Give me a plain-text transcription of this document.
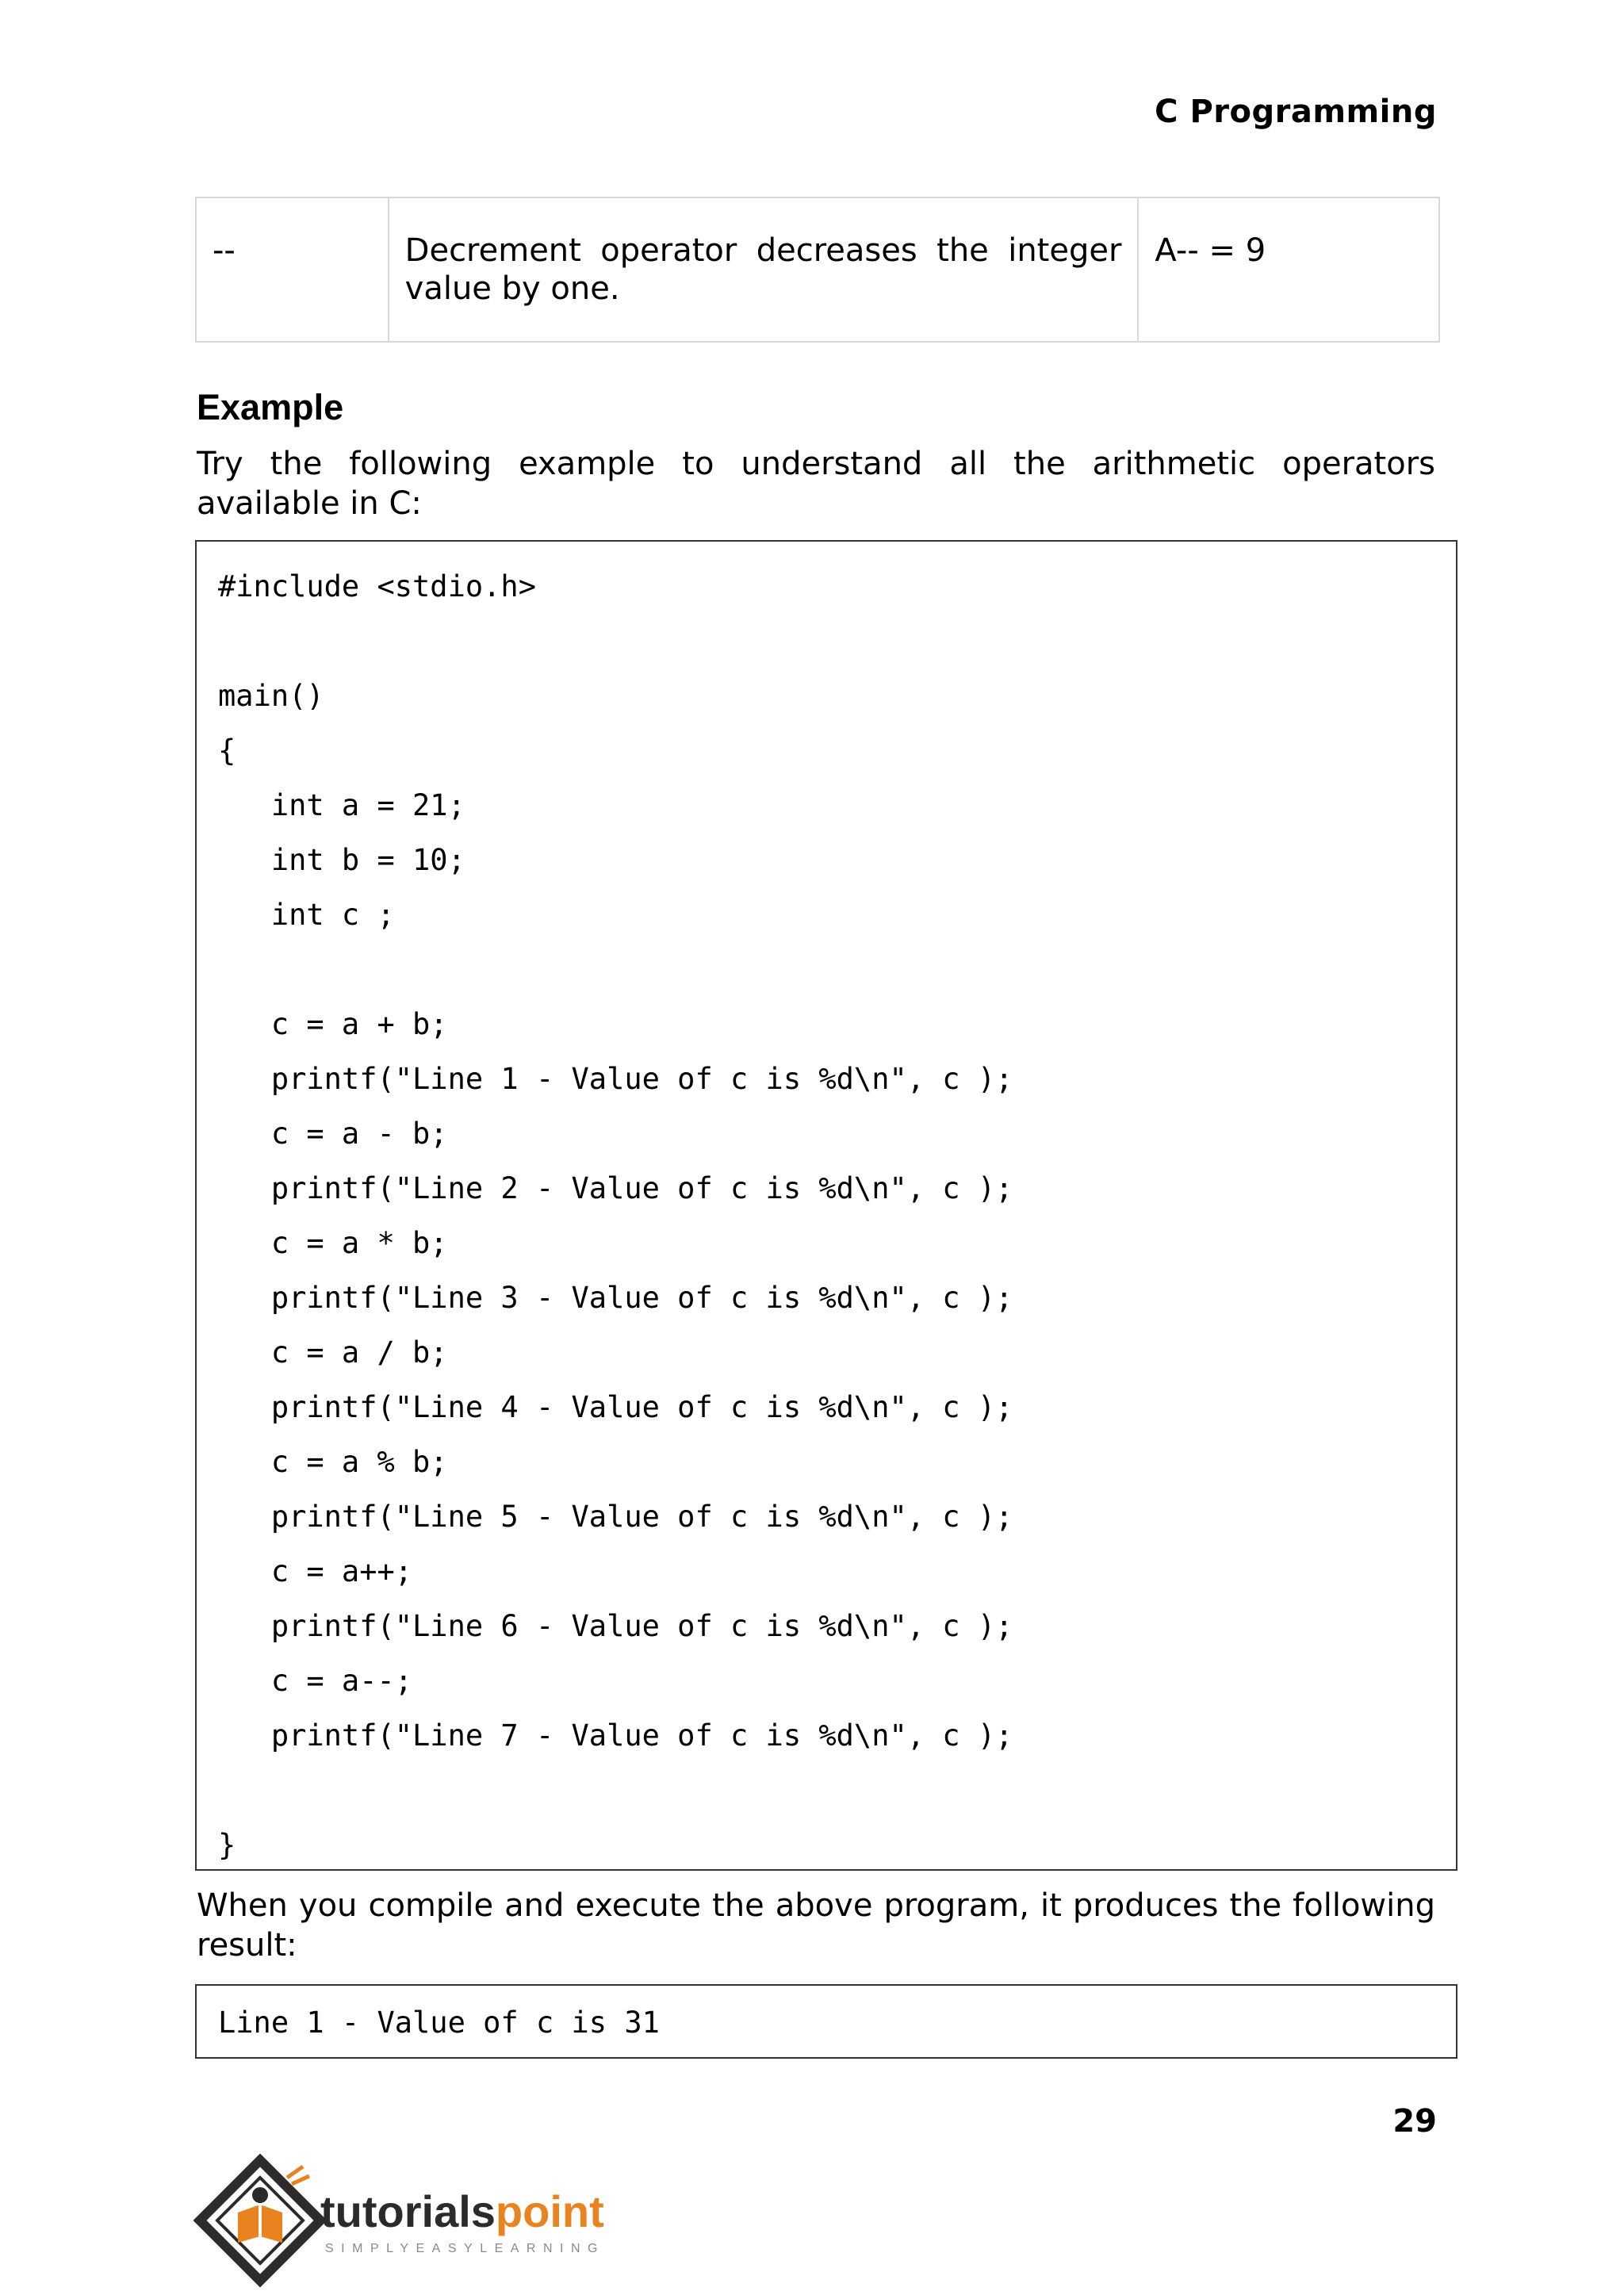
C Programming
--	Decrement operator decreases the integer value by one.	A-- = 9
Example
Try the following example to understand all the arithmetic operators available in C:
#include <stdio.h>

main()
{
int a = 21;
int b = 10;
int c ;

c = a + b;
printf("Line 1 - Value of c is %d\n", c );
c = a - b;
printf("Line 2 - Value of c is %d\n", c );
c = a * b;
printf("Line 3 - Value of c is %d\n", c );
c = a / b;
printf("Line 4 - Value of c is %d\n", c );
c = a % b;
printf("Line 5 - Value of c is %d\n", c );
c = a++;
printf("Line 6 - Value of c is %d\n", c );
c = a--;
printf("Line 7 - Value of c is %d\n", c );

}
When you compile and execute the above program, it produces the following result:
Line 1 - Value of c is 31
29
tutorialspoint
SIMPLYEASYLEARNING
